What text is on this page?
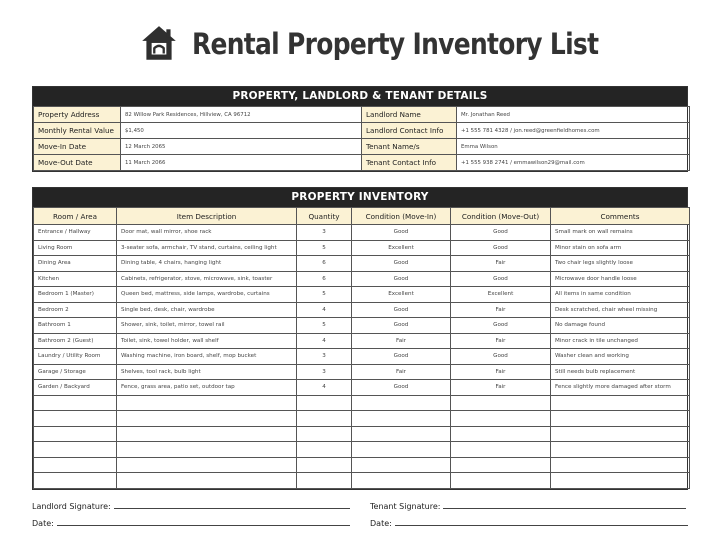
Rental Property Inventory List
PROPERTY, LANDLORD & TENANT DETAILS
Property Address	82 Willow Park Residences, Hillview, CA 96712	Landlord Name	Mr. Jonathan Reed
Monthly Rental Value	$1,450	Landlord Contact Info	+1 555 781 4328 / jon.reed@greenfieldhomes.com
Move-In Date	12 March 2065	Tenant Name/s	Emma Wilson
Move-Out Date	11 March 2066	Tenant Contact Info	+1 555 938 2741 / emmawilson29@mail.com
PROPERTY INVENTORY
Room / Area	Item Description	Quantity	Condition (Move-In)	Condition (Move-Out)	Comments
Entrance / Hallway	Door mat, wall mirror, shoe rack	3	Good	Good	Small mark on wall remains
Living Room	3-seater sofa, armchair, TV stand, curtains, ceiling light	5	Excellent	Good	Minor stain on sofa arm
Dining Area	Dining table, 4 chairs, hanging light	6	Good	Fair	Two chair legs slightly loose
Kitchen	Cabinets, refrigerator, stove, microwave, sink, toaster	6	Good	Good	Microwave door handle loose
Bedroom 1 (Master)	Queen bed, mattress, side lamps, wardrobe, curtains	5	Excellent	Excellent	All items in same condition
Bedroom 2	Single bed, desk, chair, wardrobe	4	Good	Fair	Desk scratched, chair wheel missing
Bathroom 1	Shower, sink, toilet, mirror, towel rail	5	Good	Good	No damage found
Bathroom 2 (Guest)	Toilet, sink, towel holder, wall shelf	4	Fair	Fair	Minor crack in tile unchanged
Laundry / Utility Room	Washing machine, iron board, shelf, mop bucket	3	Good	Good	Washer clean and working
Garage / Storage	Shelves, tool rack, bulb light	3	Fair	Fair	Still needs bulb replacement
Garden / Backyard	Fence, grass area, patio set, outdoor tap	4	Good	Fair	Fence slightly more damaged after storm

Landlord Signature:
Date:
Tenant Signature:
Date:
